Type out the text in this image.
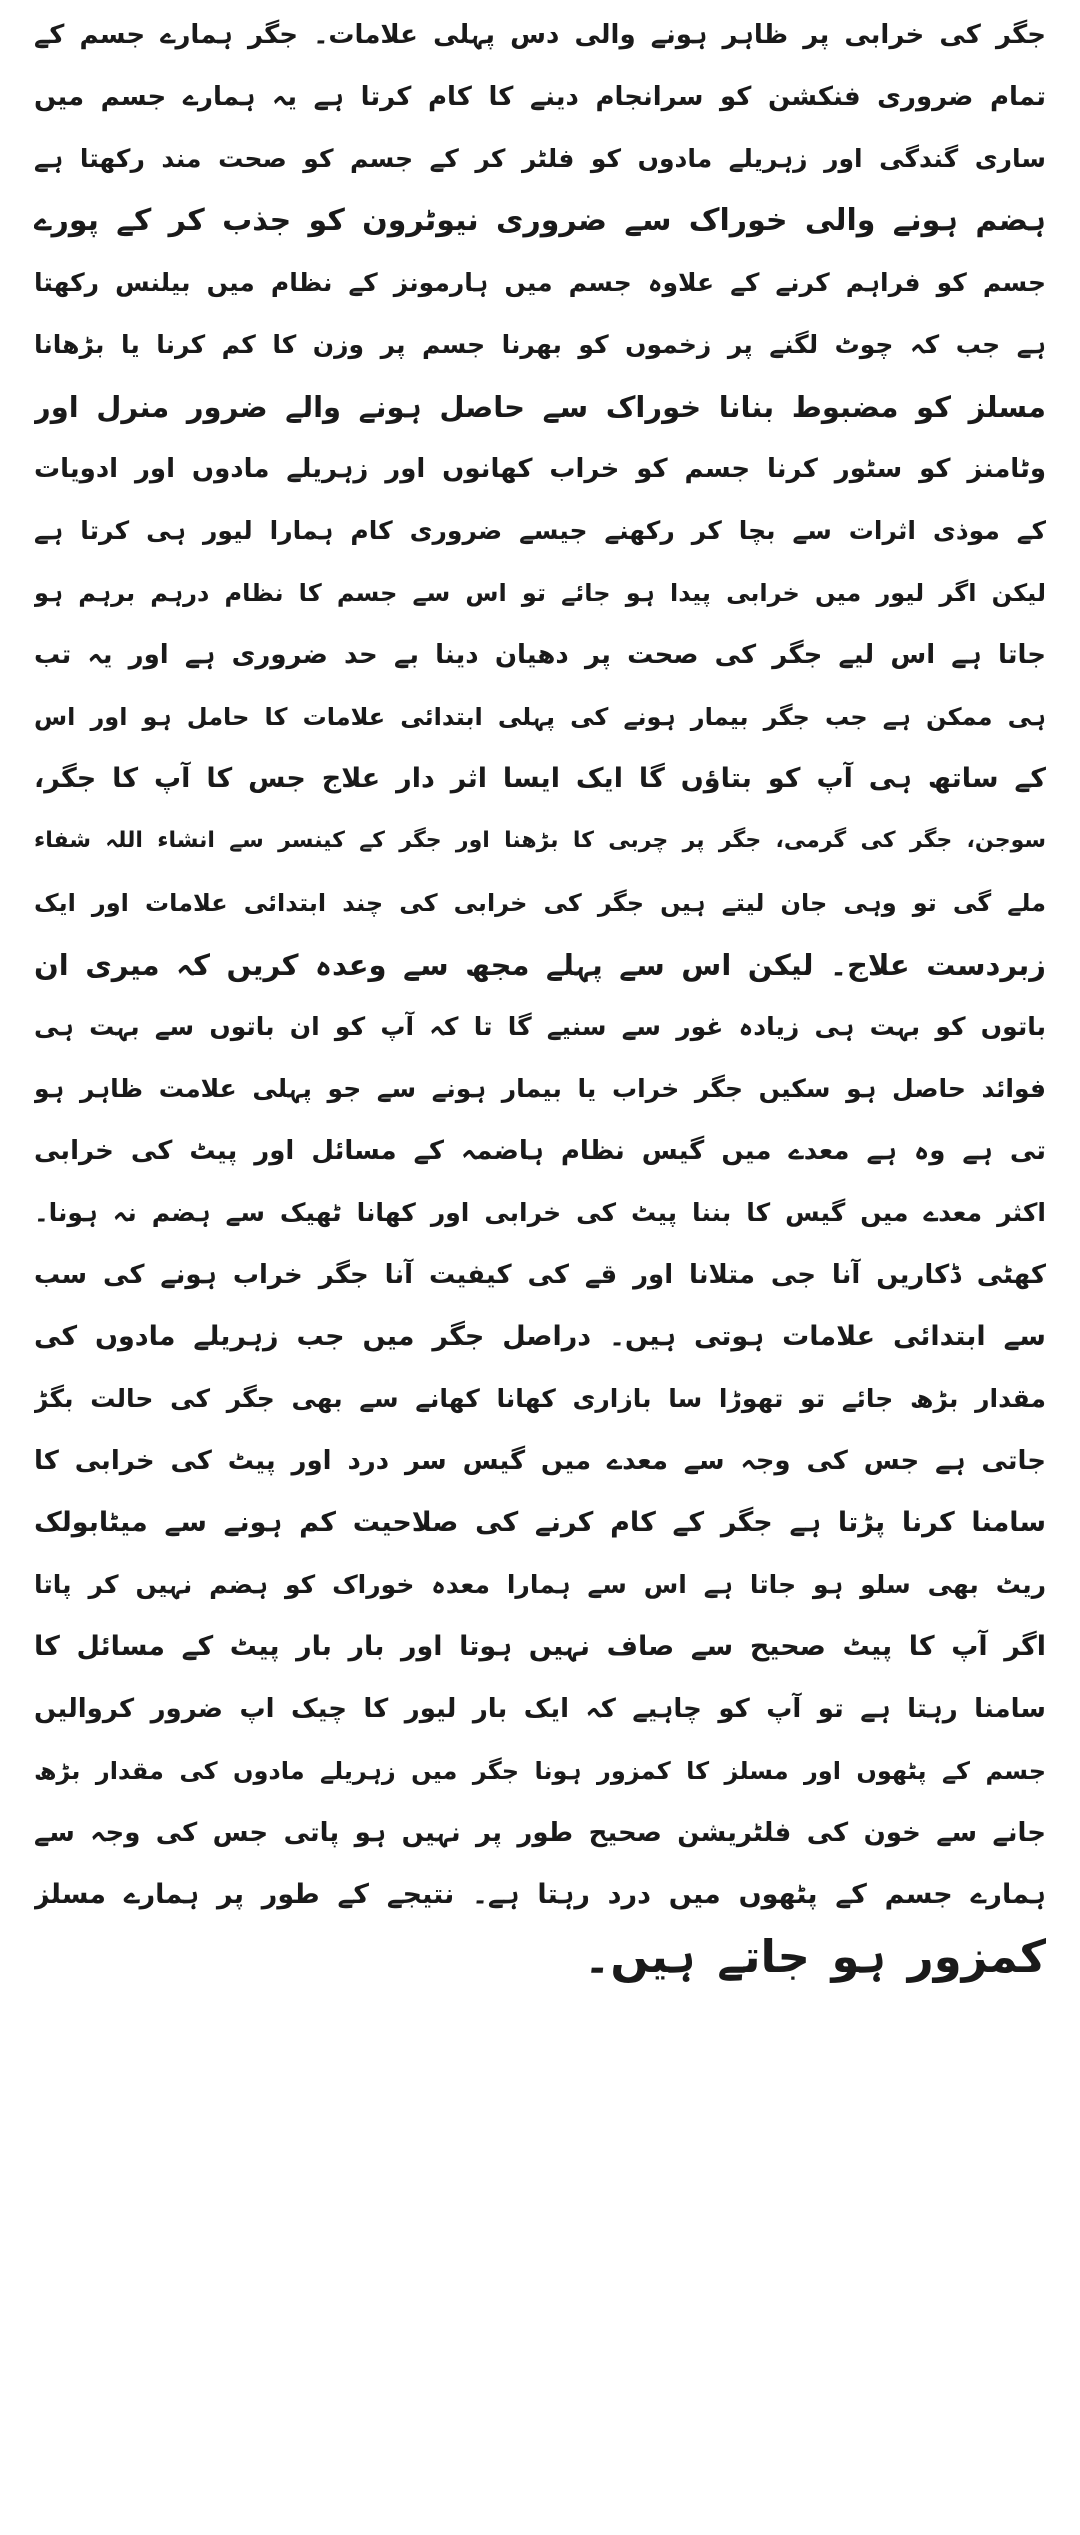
جگر کی خرابی پر ظاہر ہونے والی دس پہلی علامات۔ جگر ہمارے جسم کے
تمام ضروری فنکشن کو سرانجام دینے کا کام کرتا ہے یہ ہمارے جسم میں
ساری گندگی اور زہریلے مادوں کو فلٹر کر کے جسم کو صحت مند رکھتا ہے
ہضم ہونے والی خوراک سے ضروری نیوٹرون کو جذب کر کے پورے
جسم کو فراہم کرنے کے علاوہ جسم میں ہارمونز کے نظام میں بیلنس رکھتا
ہے جب کہ چوٹ لگنے پر زخموں کو بھرنا جسم پر وزن کا کم کرنا یا بڑھانا
مسلز کو مضبوط بنانا خوراک سے حاصل ہونے والے ضرور منرل اور
وٹامنز کو سٹور کرنا جسم کو خراب کھانوں اور زہریلے مادوں اور ادویات
کے موذی اثرات سے بچا کر رکھنے جیسے ضروری کام ہمارا لیور ہی کرتا ہے
لیکن اگر لیور میں خرابی پیدا ہو جائے تو اس سے جسم کا نظام درہم برہم ہو
جاتا ہے اس لیے جگر کی صحت پر دھیان دینا بے حد ضروری ہے اور یہ تب
ہی ممکن ہے جب جگر بیمار ہونے کی پہلی ابتدائی علامات کا حامل ہو اور اس
کے ساتھ ہی آپ کو بتاؤں گا ایک ایسا اثر دار علاج جس کا آپ کا جگر،
سوجن، جگر کی گرمی، جگر پر چربی کا بڑھنا اور جگر کے کینسر سے انشاء اللہ شفاء
ملے گی تو وہی جان لیتے ہیں جگر کی خرابی کی چند ابتدائی علامات اور ایک
زبردست علاج۔ لیکن اس سے پہلے مجھ سے وعدہ کریں کہ میری ان
باتوں کو بہت ہی زیادہ غور سے سنیے گا تا کہ آپ کو ان باتوں سے بہت ہی
فوائد حاصل ہو سکیں جگر خراب یا بیمار ہونے سے جو پہلی علامت ظاہر ہو
تی ہے وہ ہے معدے میں گیس نظام ہاضمہ کے مسائل اور پیٹ کی خرابی
اکثر معدے میں گیس کا بننا پیٹ کی خرابی اور کھانا ٹھیک سے ہضم نہ ہونا۔
کھٹی ڈکاریں آنا جی متلانا اور قے کی کیفیت آنا جگر خراب ہونے کی سب
سے ابتدائی علامات ہوتی ہیں۔ دراصل جگر میں جب زہریلے مادوں کی
مقدار بڑھ جائے تو تھوڑا سا بازاری کھانا کھانے سے بھی جگر کی حالت بگڑ
جاتی ہے جس کی وجہ سے معدے میں گیس سر درد اور پیٹ کی خرابی کا
سامنا کرنا پڑتا ہے جگر کے کام کرنے کی صلاحیت کم ہونے سے میٹابولک
ریٹ بھی سلو ہو جاتا ہے اس سے ہمارا معدہ خوراک کو ہضم نہیں کر پاتا
اگر آپ کا پیٹ صحیح سے صاف نہیں ہوتا اور بار بار پیٹ کے مسائل کا
سامنا رہتا ہے تو آپ کو چاہیے کہ ایک بار لیور کا چیک اپ ضرور کروالیں
جسم کے پٹھوں اور مسلز کا کمزور ہونا جگر میں زہریلے مادوں کی مقدار بڑھ
جانے سے خون کی فلٹریشن صحیح طور پر نہیں ہو پاتی جس کی وجہ سے
ہمارے جسم کے پٹھوں میں درد رہتا ہے۔ نتیجے کے طور پر ہمارے مسلز
کمزور ہو جاتے ہیں۔
